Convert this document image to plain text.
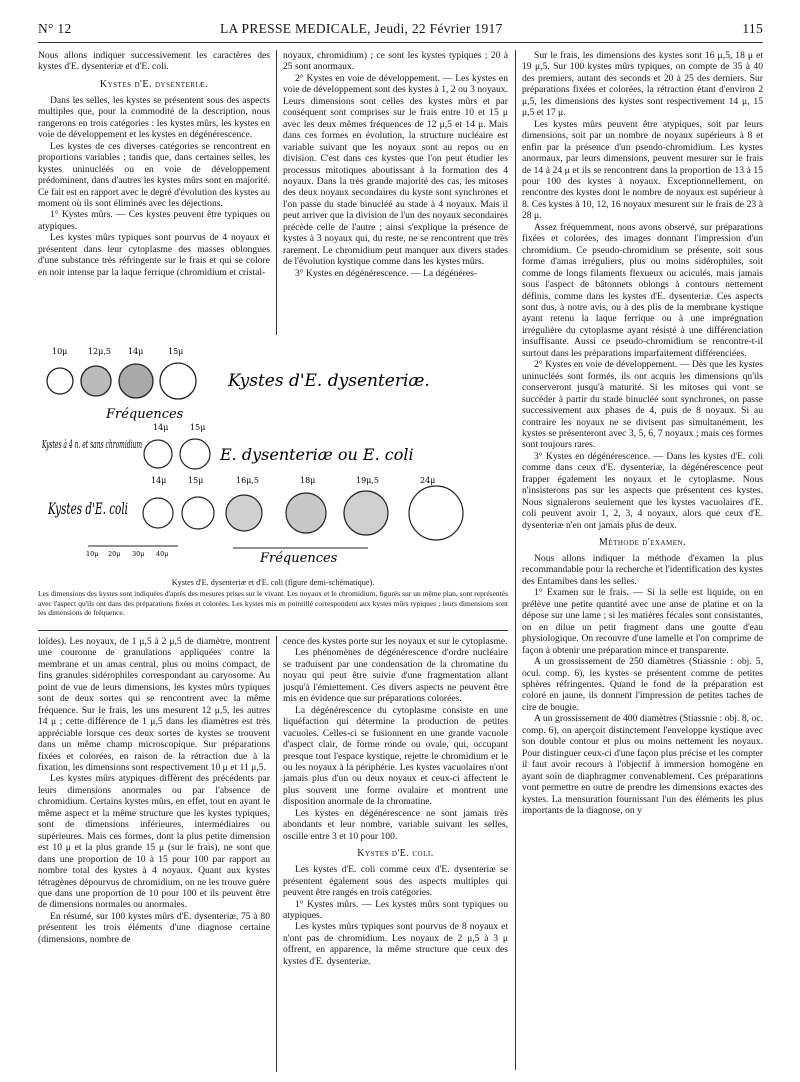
N° 12	LA PRESSE MEDICALE, Jeudi, 22 Février 1917	115

Nous allons indiquer successivement les caractères des kystes d'E. dysenteriæ et d'E. coli.

Kystes d'E. dysenteriæ.

Dans les selles, les kystes se présentent sous des aspects multiples que, pour la commodité de la description, nous rangerons en trois catégories : les kystes mûrs, les kystes en voie de développement et les kystes en dégénérescence.

Les kystes de ces diverses catégories se rencontrent en proportions variables ; tandis que, dans certaines selles, les kystes uninucléés ou en voie de développement prédominent, dans d'autres les kystes mûrs sont en majorité. Ce fait est en rapport avec le degré d'évolution des kystes au moment où ils sont éliminés avec les déjections.

1° Kystes mûrs. — Ces kystes peuvent être typiques ou atypiques.

Les kystes mûrs typiques sont pourvus de 4 noyaux et présentent dans leur cytoplasme des masses oblongues d'une substance très réfringente sur le frais et qui se colore en noir intense par la laque ferrique (chromidium et cristal-

noyaux, chromidium) ; ce sont les kystes typiques ; 20 à 25 sont anormaux.

2° Kystes en voie de développement. — Les kystes en voie de développement sont des kystes à 1, 2 ou 3 noyaux. Leurs dimensions sont celles des kystes mûrs et par conséquent sont comprises sur le frais entre 10 et 15 μ avec les deux mêmes fréquences de 12 μ,5 et 14 μ. Mais dans ces formes en évolution, la structure nucléaire est variable suivant que les noyaux sont au repos ou en division. C'est dans ces kystes que l'on peut étudier les processus mitotiques aboutissant à la formation des 4 noyaux. Dans la très grande majorité des cas, les mitoses des deux noyaux secondaires du kyste sont synchrones et l'on passe du stade binucléé au stade à 4 noyaux. Mais il peut arriver que la division de l'un des noyaux secondaires précède celle de l'autre ; ainsi s'explique la présence de kystes à 3 noyaux qui, du reste, ne se rencontrent que très rarement. Le chromidium peut manquer aux divers stades de l'évolution kystique comme dans les kystes mûrs.

3° Kystes en dégénérescence. — La dégénéres-

Sur le frais, les dimensions des kystes sont 16 μ,5, 18 μ et 19 μ,5. Sur 100 kystes mûrs typiques, on compte de 35 à 40 des premiers, autant des seconds et 20 à 25 des derniers. Sur préparations fixées et colorées, la rétraction étant d'environ 2 μ,5, les dimensions des kystes sont respectivement 14 μ, 15 μ,5 et 17 μ.

Les kystes mûrs peuvent être atypiques, soit par leurs dimensions, soit par un nombre de noyaux supérieurs à 8 et enfin par la présence d'un pseudo-chromidium. Les kystes anormaux, par leurs dimensions, peuvent mesurer sur le frais de 14 à 24 μ et ils se rencontrent dans la proportion de 13 à 15 pour 100 des kystes à noyaux. Exceptionnellement, on rencontre des kystes dont le nombre de noyaux est supérieur à 8. Ces kystes à 10, 12, 16 noyaux mesurent sur le frais de 23 à 28 μ.

Assez fréquemment, nous avons observé, sur préparations fixées et colorées, des images donnant l'impression d'un chromidium. Ce pseudo-chromidium se présente, soit sous forme d'amas irréguliers, plus ou moins sidérophiles, soit comme de longs filaments flexueux ou aciculés, mais jamais sous l'aspect de bâtonnets oblongs à contours nettement définis, comme dans les kystes d'E. dysenteriæ. Ces aspects sont dus, à notre avis, ou à des plis de la membrane kystique ayant retenu la laque ferrique ou à une imprégnation irrégulière du cytoplasme ayant résisté à une différenciation insuffisante. Aussi ce pseudo-chromidium se rencontre-t-il surtout dans les préparations imparfaitement différenciées.

2° Kystes en voie de développement. — Dès que les kystes uninucléés sont formés, ils ont acquis les dimensions qu'ils conserveront jusqu'à maturité. Si les mitoses qui vont se succéder à partir du stade binucléé sont synchrones, on passe successivement aux phases de 4, puis de 8 noyaux. Si au contraire les noyaux ne se divisent pas simultanément, les kystes se présenteront avec 3, 5, 6, 7 noyaux ; mais ces formes sont toujours rares.

3° Kystes en dégénérescence. — Dans les kystes d'E. coli comme dans ceux d'E. dysenteriæ, la dégénérescence peut frapper également les noyaux et le cytoplasme. Nous n'insisterons pas sur les aspects que présentent ces kystes. Nous signalerons seulement que les kystes vacuolaires d'E. coli peuvent avoir 1, 2, 3, 4 noyaux, alors que ceux d'E. dysenteriæ n'en ont jamais plus de deux.

Méthode d'examen.

Nous allons indiquer la méthode d'examen la plus recommandable pour la recherche et l'identification des kystes des Entamibes dans les selles.

1° Examen sur le frais. — Si la selle est liquide, on en prélève une petite quantité avec une anse de platine et on la dépose sur une lame ; si les matières fécales sont consistantes, on en dilue un petit fragment dans une goutte d'eau physiologique. On recouvre d'une lamelle et l'on comprime de façon à obtenir une préparation mince et transparente.

A un grossissement de 250 diamètres (Stiassnie : obj. 5, ocul. comp. 6), les kystes se présentent comme de petites sphères réfringentes. Quand le fond de la préparation est coloré en jaune, ils donnent l'impression de petites taches de cire de bougie.

A un grossissement de 400 diamètres (Stiassnie : obj. 8, oc. comp. 6), on aperçoit distinctement l'enveloppe kystique avec son double contour et plus ou moins nettement les noyaux. Pour distinguer ceux-ci d'une façon plus précise et les compter il faut avoir recours à l'objectif à immersion homogène en ayant soin de diaphragmer convenablement. Ces préparations vont permettre en outre de prendre les dimensions exactes des kystes. La mensuration fournissant l'un des éléments les plus importants de la diagnose, on y

10μ	12μ,5 14μ	15μ
Kystes d'E. dysenteriæ.
Fréquences
14μ	15μ
Kystes à 4 n. et sans chromidium
E. dysenteriæ ou E. coli
14μ	15μ	16μ,5	18μ	19μ,5	24μ
Kystes d'E. coli
10μ 20μ 30μ 40μ	Fréquences
Kystes d'E. dysenteriæ et d'E. coli (figure demi-schématique).
Les dimensions des kystes sont indiquées d'après des mesures prises sur le vivant. Les noyaux et le chromidium, figurés sur un même plan, sont représentés avec l'aspect qu'ils ont dans des préparations fixées et colorées. Les kystes mis en pointillé correspondent aux kystes mûrs typiques ; leurs dimensions sont les dimensions de fréquence.

loïdes). Les noyaux, de 1 μ,5 à 2 μ,5 de diamètre, montrent une couronne de granulations appliquées contre la membrane et un amas central, plus ou moins compact, de fins granules sidérophiles correspondant au caryosome. Au point de vue de leurs dimensions, les kystes mûrs typiques sont de deux sortes qui se rencontrent avec la même fréquence. Sur le frais, les uns mesurent 12 μ,5, les autres 14 μ ; cette différence de 1 μ,5 dans les diamètres est très appréciable lorsque ces deux sortes de kystes se trouvent dans un même champ microscopique. Sur préparations fixées et colorées, en raison de la rétraction due à la fixation, les dimensions sont respectivement 10 μ et 11 μ,5.

Les kystes mûrs atypiques diffèrent des précédents par leurs dimensions anormales ou par l'absence de chromidium. Certains kystes mûrs, en effet, tout en ayant le même aspect et la même structure que les kystes typiques, sont de dimensions inférieures, intermédiaires ou supérieures. Mais ces formes, dont la plus petite dimension est 10 μ et la plus grande 15 μ (sur le frais), ne sont que dans une proportion de 10 à 15 pour 100 par rapport au nombre total des kystes à 4 noyaux. Quant aux kystes tétragènes dépourvus de chromidium, on ne les trouve guère que dans une proportion de 10 pour 100 et ils peuvent être de dimensions normales ou anormales.

En résumé, sur 100 kystes mûrs d'E. dysenteriæ, 75 à 80 présentent les trois éléments d'une diagnose certaine (dimensions, nombre de

cence des kystes porte sur les noyaux et sur le cytoplasme.

Les phénomènes de dégénérescence d'ordre nucléaire se traduisent par une condensation de la chromatine du noyau qui peut être suivie d'une fragmentation allant jusqu'à l'émiettement. Ces divers aspects ne peuvent être mis en évidence que sur préparations colorées.

La dégénérescence du cytoplasme consiste en une liquéfaction qui détermine la production de petites vacuoles. Celles-ci se fusionnent en une grande vacuole d'aspect clair, de forme ronde ou ovale, qui, occupant presque tout l'espace kystique, rejette le chromidium et le ou les noyaux à la périphérie. Les kystes vacuolaires n'ont jamais plus d'un ou deux noyaux et ceux-ci affectent le plus souvent une forme ovalaire et montrent une disposition anormale de la chromatine.

Les kystes en dégénérescence ne sont jamais très abondants et leur nombre, variable suivant les selles, oscille entre 3 et 10 pour 100.

Kystes d'E. coli.

Les kystes d'E. coli comme ceux d'E. dysenteriæ se présentent également sous des aspects multiples qui peuvent être rangés en trois catégories.

1° Kystes mûrs. — Les kystes mûrs sont typiques ou atypiques.

Les kystes mûrs typiques sont pourvus de 8 noyaux et n'ont pas de chromidium. Les noyaux de 2 μ,5 à 3 μ offrent, en apparence, la même structure que ceux des kystes d'E. dysenteriæ.
